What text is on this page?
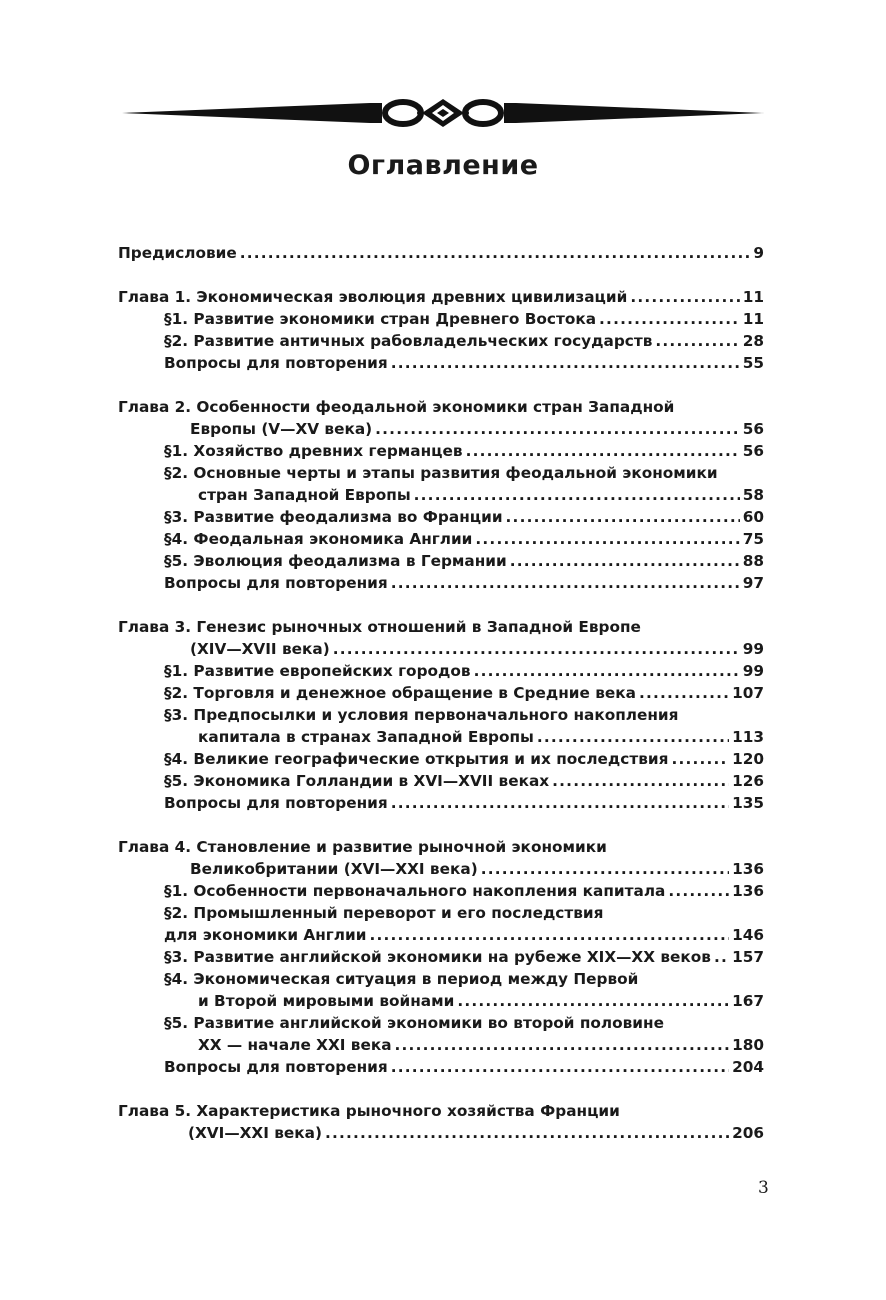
Оглавление
Предисловие .....	9
Глава 1. Экономическая эволюция древних цивилизаций .....	11
§1. Развитие экономики стран Древнего Востока .....	11
§2. Развитие античных рабовладельческих государств .....	28
Вопросы для повторения .....	55
Глава 2. Особенности феодальной экономики стран Западной
Европы (V—XV века) .....	56
§1. Хозяйство древних германцев .....	56
§2. Основные черты и этапы развития феодальной экономики
стран Западной Европы .....	58
§3. Развитие феодализма во Франции .....	60
§4. Феодальная экономика Англии .....	75
§5. Эволюция феодализма в Германии .....	88
Вопросы для повторения .....	97
Глава 3. Генезис рыночных отношений в Западной Европе
(XIV—XVII века) .....	99
§1. Развитие европейских городов .....	99
§2. Торговля и денежное обращение в Средние века .....	107
§3. Предпосылки и условия первоначального накопления
капитала в странах Западной Европы .....	113
§4. Великие географические открытия и их последствия .....	120
§5. Экономика Голландии в XVI—XVII веках .....	126
Вопросы для повторения .....	135
Глава 4. Становление и развитие рыночной экономики
Великобритании (XVI—XXI века) .....	136
§1. Особенности первоначального накопления капитала .....	136
§2. Промышленный переворот и его последствия
для экономики Англии .....	146
§3. Развитие английской экономики на рубеже XIX—XX веков ..... 157
§4. Экономическая ситуация в период между Первой
и Второй мировыми войнами .....	167
§5. Развитие английской экономики во второй половине
XX — начале XXI века .....	180
Вопросы для повторения .....	204
Глава 5. Характеристика рыночного хозяйства Франции
(XVI—XXI века) .....	206
3
